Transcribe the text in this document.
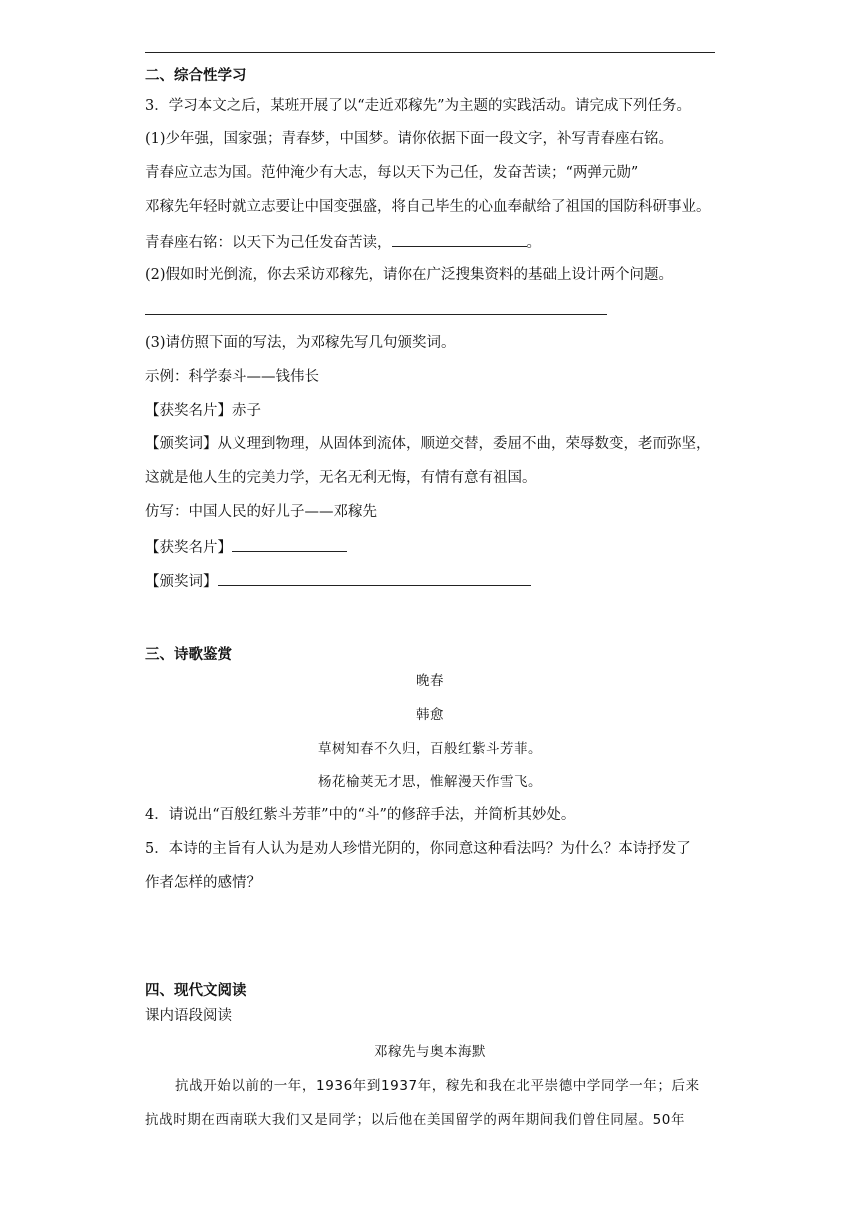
二、综合性学习
3．学习本文之后，某班开展了以“走近邓稼先”为主题的实践活动。请完成下列任务。
(1)少年强，国家强；青春梦，中国梦。请你依据下面一段文字，补写青春座右铭。
青春应立志为国。范仲淹少有大志，每以天下为己任，发奋苦读；“两弹元勋”
邓稼先年轻时就立志要让中国变强盛，将自己毕生的心血奉献给了祖国的国防科研事业。
青春座右铭：以天下为己任发奋苦读，	。
(2)假如时光倒流，你去采访邓稼先，请你在广泛搜集资料的基础上设计两个问题。
(3)请仿照下面的写法，为邓稼先写几句颁奖词。
示例：科学泰斗——钱伟长
【获奖名片】赤子
【颁奖词】从义理到物理，从固体到流体，顺逆交替，委屈不曲，荣辱数变，老而弥坚，
这就是他人生的完美力学，无名无利无悔，有情有意有祖国。
仿写：中国人民的好儿子——邓稼先
【获奖名片】
【颁奖词】
三、诗歌鉴赏
晚春
韩愈
草树知春不久归，百般红紫斗芳菲。
杨花榆荚无才思，惟解漫天作雪飞。
4．请说出“百般红紫斗芳菲”中的“斗”的修辞手法，并简析其妙处。
5．本诗的主旨有人认为是劝人珍惜光阴的，你同意这种看法吗？为什么？本诗抒发了
作者怎样的感情？
四、现代文阅读
课内语段阅读
邓稼先与奥本海默
抗战开始以前的一年，1936年到1937年，稼先和我在北平崇德中学同学一年；后来
抗战时期在西南联大我们又是同学；以后他在美国留学的两年期间我们曾住同屋。50年
